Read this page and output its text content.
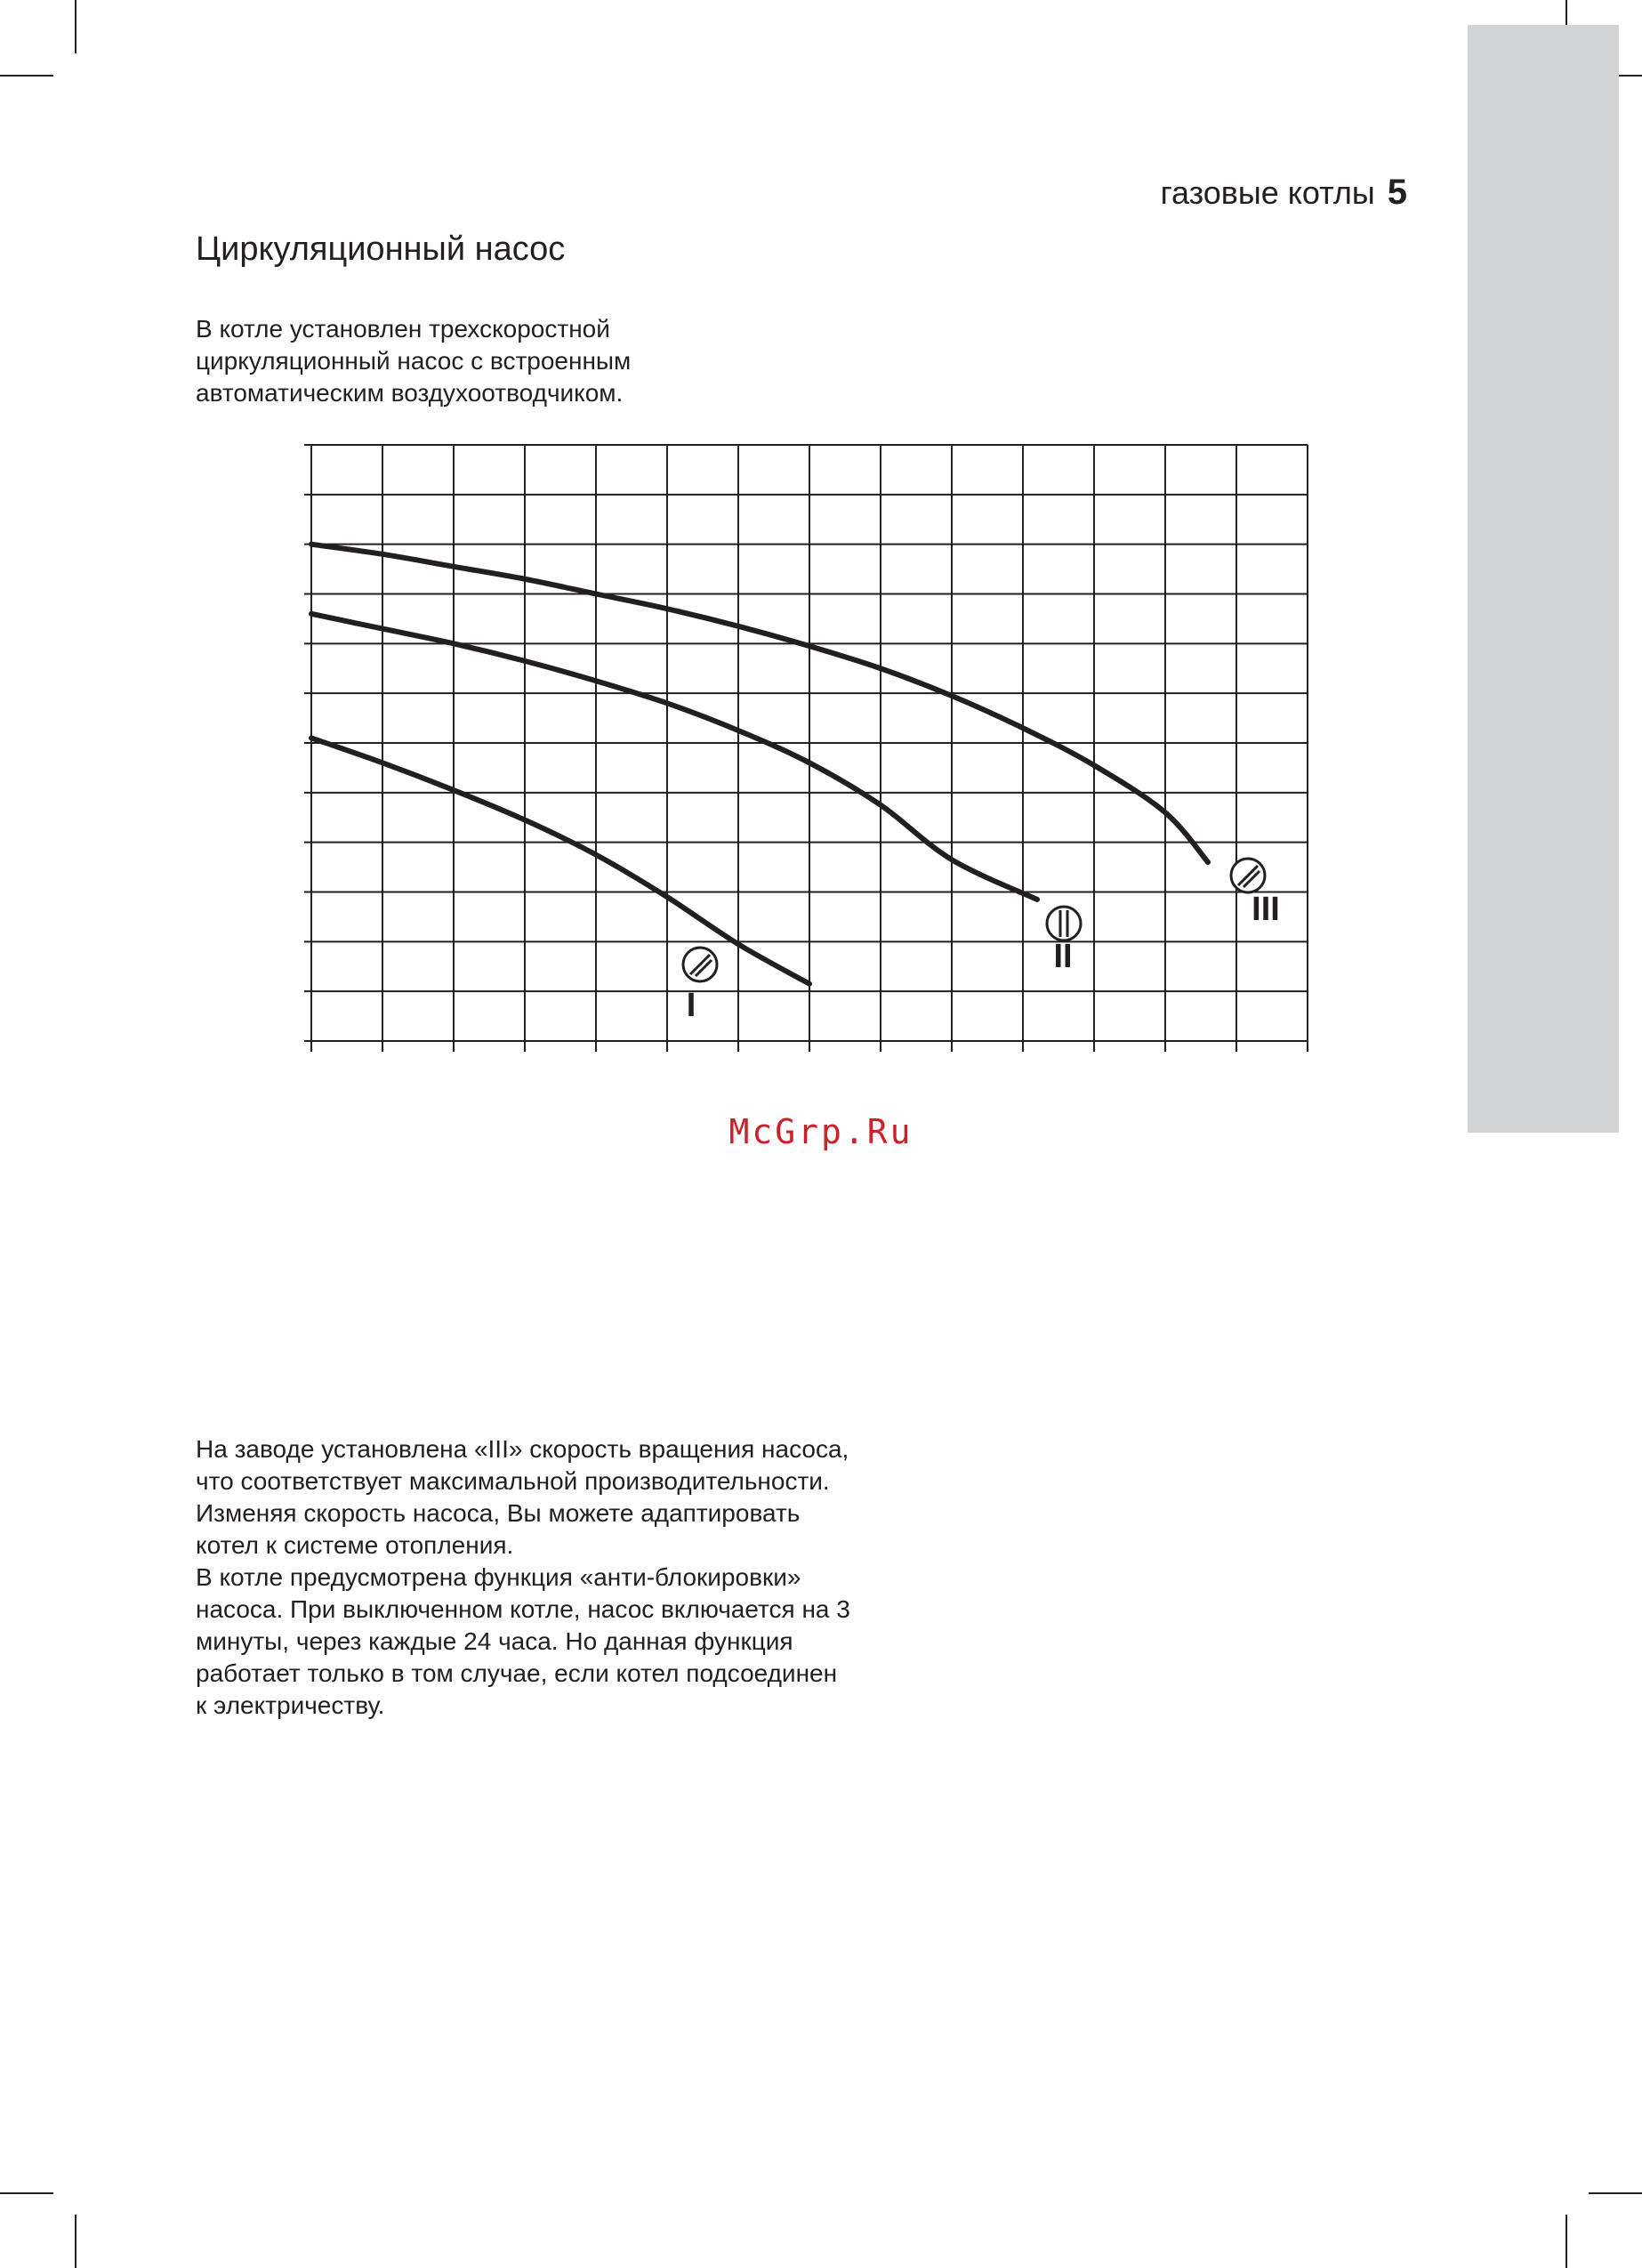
газовые котлы 5
Циркуляционный насос

В котле установлен трехскоростной циркуляционный насос с встроенным автоматическим воздухоотводчиком.

I
II
III
McGrp.Ru

На заводе установлена «III» скорость вращения насоса, что соответствует максимальной производительности.

Изменяя скорость насоса, Вы можете адаптировать котел к системе отопления.

В котле предусмотрена функция «анти-блокировки» насоса. При выключенном котле, насос включается на 3 минуты, через каждые 24 часа. Но данная функция работает только в том случае, если котел подсоединен к электричеству.
